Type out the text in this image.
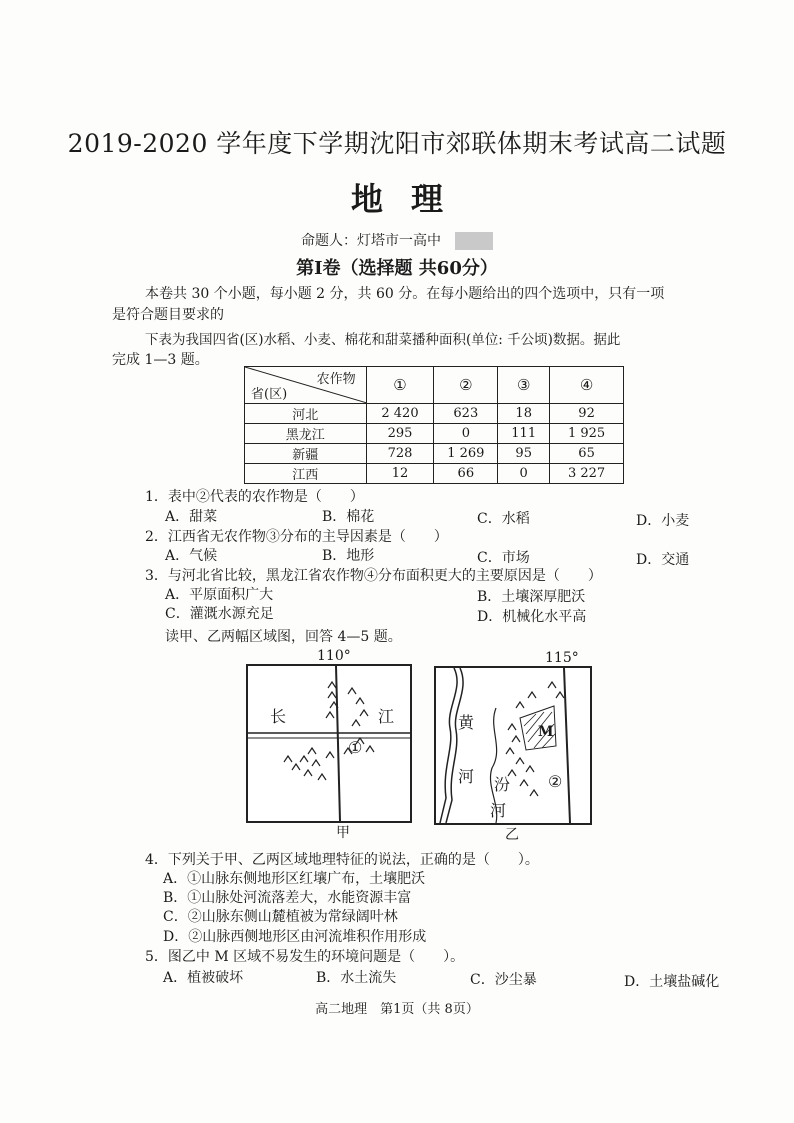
2019-2020 学年度下学期沈阳市郊联体期末考试高二试题
地理
命题人：灯塔市一高中
第Ⅰ卷（选择题 共60分）
本卷共 30 个小题，每小题 2 分，共 60 分。在每小题给出的四个选项中，只有一项
是符合题目要求的
下表为我国四省(区)水稻、小麦、棉花和甜菜播种面积(单位: 千公顷)数据。据此
完成 1—3 题。
农作物
省(区)	①	②	③	④
河北	2 420	623	18	92
黑龙江	295	0	111	1 925
新疆	728	1 269	95	65
江西	12	66	0	3 227
1．表中②代表的农作物是（　　）
A．甜菜	B．棉花	C．水稻	D．小麦
2．江西省无农作物③分布的主导因素是（　　）
A．气候	B．地形	C．市场	D．交通
3．与河北省比较，黑龙江省农作物④分布面积更大的主要原因是（　　）
A．平原面积广大	B．土壤深厚肥沃
C．灌溉水源充足	D．机械化水平高
读甲、乙两幅区域图，回答 4—5 题。
110°
长	江
①
甲
115°
黄
河 汾
河
M
②
乙
4．下列关于甲、乙两区域地理特征的说法，正确的是（　　）。
A．①山脉东侧地形区红壤广布，土壤肥沃
B．①山脉处河流落差大，水能资源丰富
C．②山脉东侧山麓植被为常绿阔叶林
D．②山脉西侧地形区由河流堆积作用形成
5．图乙中 M 区域不易发生的环境问题是（　　）。
A．植被破坏	B．水土流失	C．沙尘暴	D．土壤盐碱化
高二地理　第1页（共 8页）
